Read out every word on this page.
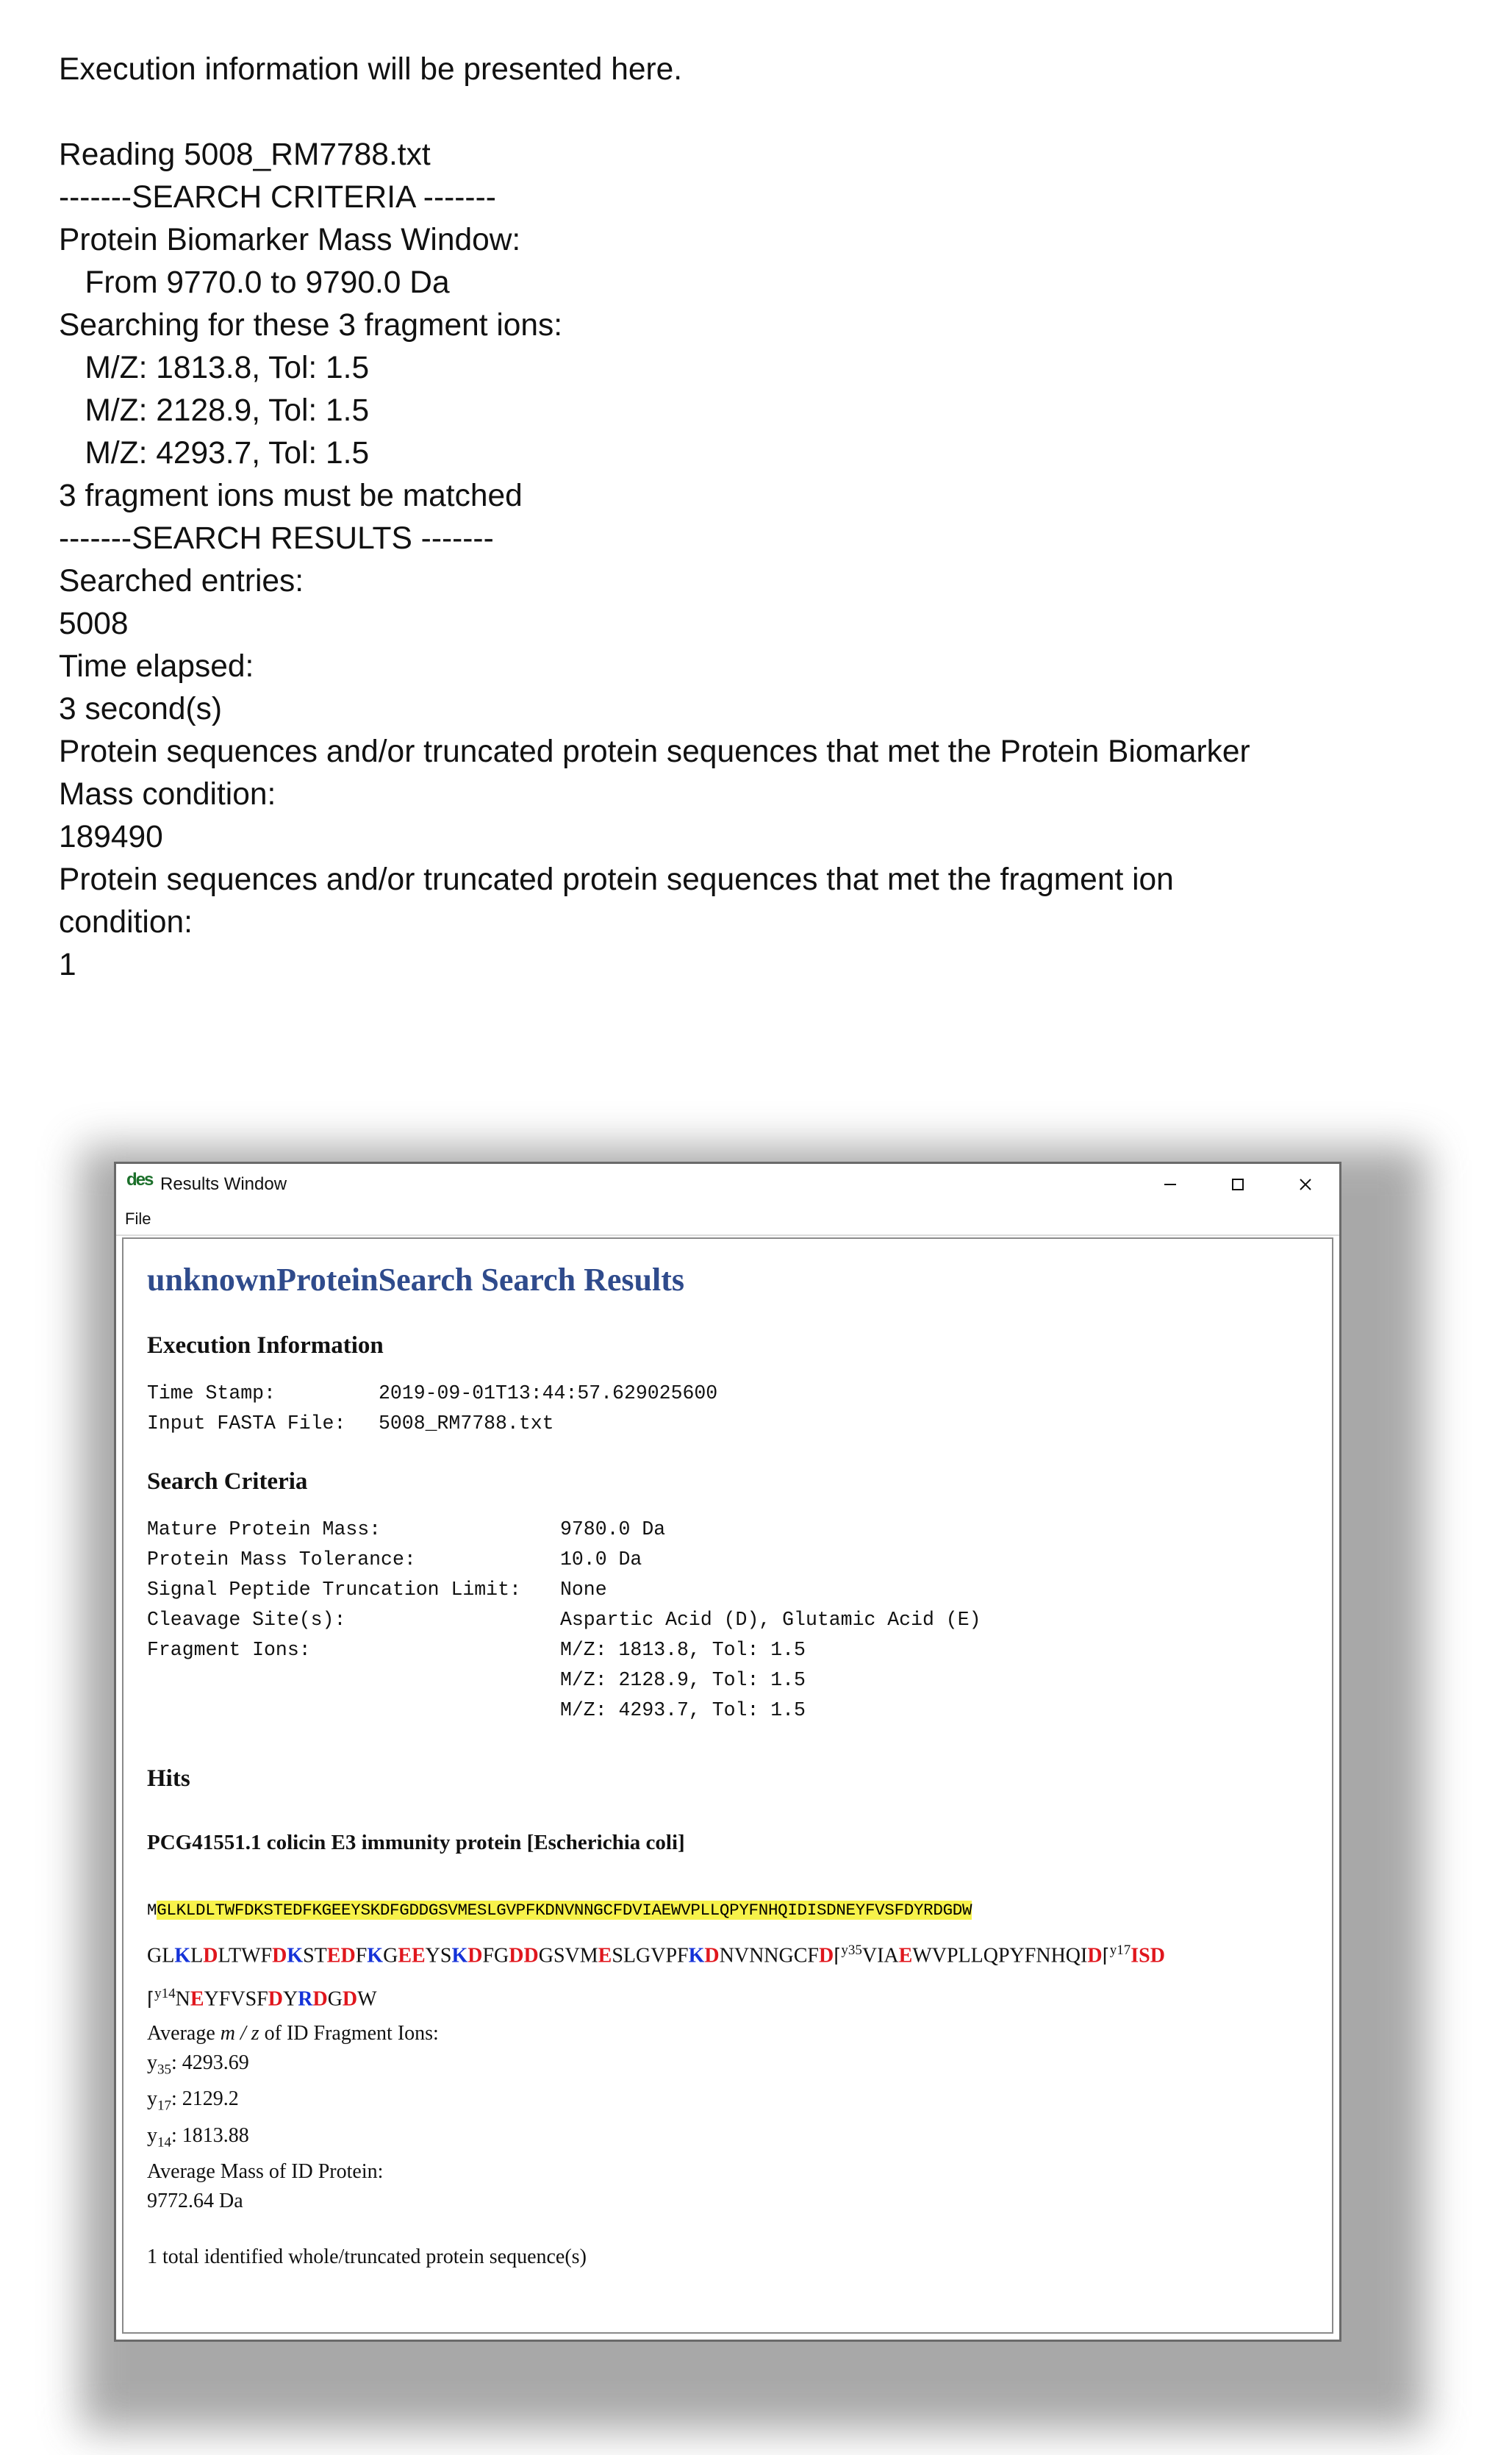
Execution information will be presented here.
Reading 5008_RM7788.txt
-------SEARCH CRITERIA -------
Protein Biomarker Mass Window:
From 9770.0 to 9790.0 Da
Searching for these 3 fragment ions:
M/Z: 1813.8, Tol: 1.5
M/Z: 2128.9, Tol: 1.5
M/Z: 4293.7, Tol: 1.5
3 fragment ions must be matched
-------SEARCH RESULTS -------
Searched entries:
5008
Time elapsed:
3 second(s)
Protein sequences and/or truncated protein sequences that met the Protein Biomarker
Mass condition:
189490
Protein sequences and/or truncated protein sequences that met the fragment ion
condition:
1
des Results Window
File
unknownProteinSearch Search Results
Execution Information
Time Stamp:	2019-09-01T13:44:57.629025600
Input FASTA File:	5008_RM7788.txt
Search Criteria
Mature Protein Mass:	9780.0 Da
Protein Mass Tolerance:	10.0 Da
Signal Peptide Truncation Limit:	None
Cleavage Site(s):	Aspartic Acid (D), Glutamic Acid (E)
Fragment Ions:	M/Z: 1813.8, Tol: 1.5
M/Z: 2128.9, Tol: 1.5
M/Z: 4293.7, Tol: 1.5
Hits
PCG41551.1 colicin E3 immunity protein [Escherichia coli]
MGLKLDLTWFDKSTEDFKGEEYSKDFGDDGSVMESLGVPFKDNVNNGCFDVIAEWVPLLQPYFNHQIDISDNEYFVSFDYRDGDW
GLKLDLTWFDKSTEDFKGEEYSKDFGDDGSVMESLGVPFKDNVNNGCFD⌈$^{y35}$VIAEWVPLLQPYFNHQID⌈$^{y17}$ISD
⌈$^{y14}$NEYFVSFDYRDGDW
Average m / z of ID Fragment Ions:
$y_{35}$: 4293.69
$y_{17}$: 2129.2
$y_{14}$: 1813.88
Average Mass of ID Protein:
9772.64 Da
1 total identified whole/truncated protein sequence(s)
